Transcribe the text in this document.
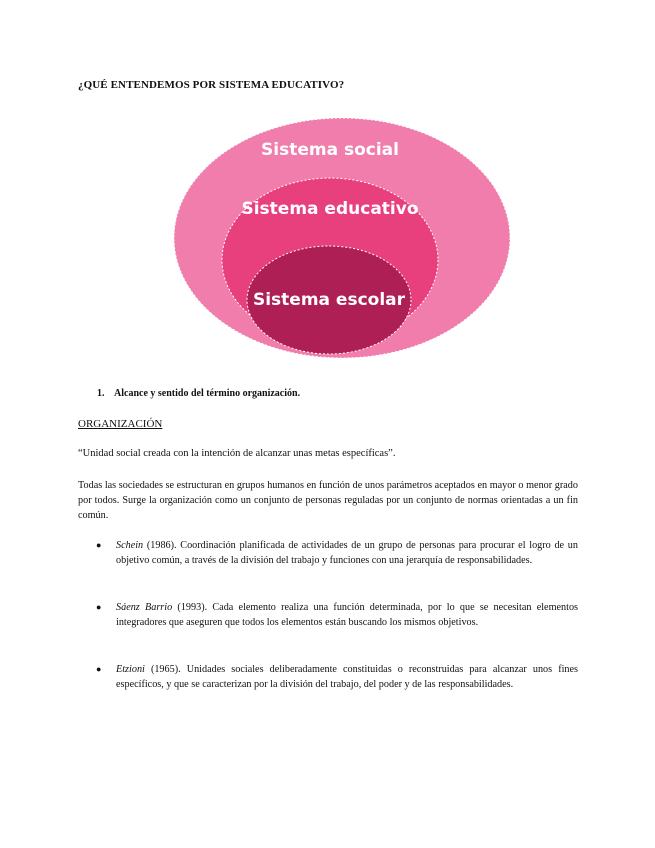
¿QUÉ ENTENDEMOS POR SISTEMA EDUCATIVO?
Sistema social
Sistema educativo
Sistema escolar
1. Alcance y sentido del término organización.
ORGANIZACIÓN
“Unidad social creada con la intención de alcanzar unas metas específicas”.
Todas las sociedades se estructuran en grupos humanos en función de unos parámetros aceptados en mayor o menor grado por todos. Surge la organización como un conjunto de personas reguladas por un conjunto de normas orientadas a un fin común.
● Schein (1986). Coordinación planificada de actividades de un grupo de personas para procurar el logro de un objetivo común, a través de la división del trabajo y funciones con una jerarquía de responsabilidades.
● Sáenz Barrio (1993). Cada elemento realiza una función determinada, por lo que se necesitan elementos integradores que aseguren que todos los elementos están buscando los mismos objetivos.
● Etzioni (1965). Unidades sociales deliberadamente constituidas o reconstruidas para alcanzar unos fines específicos, y que se caracterizan por la división del trabajo, del poder y de las responsabilidades.
